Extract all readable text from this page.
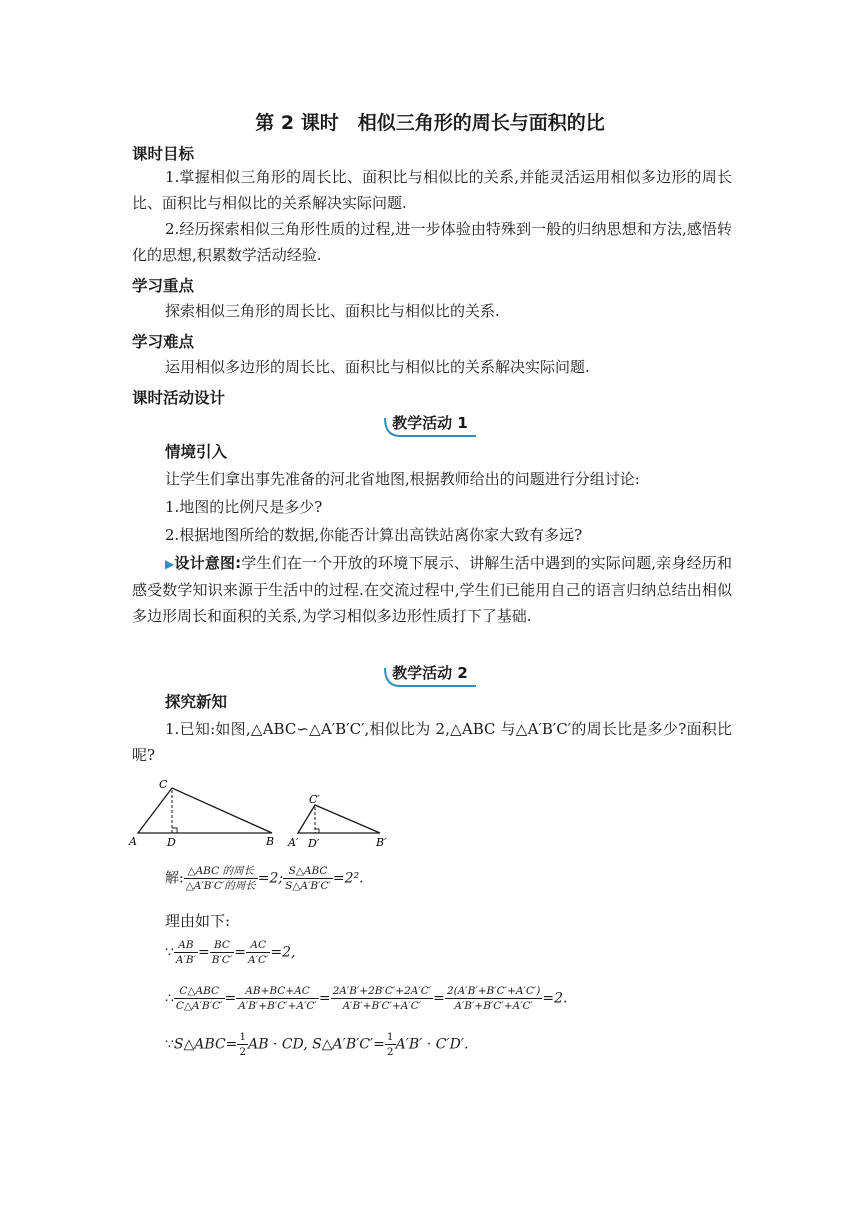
第 2 课时　相似三角形的周长与面积的比
课时目标
1.掌握相似三角形的周长比、面积比与相似比的关系,并能灵活运用相似多边形的周长比、面积比与相似比的关系解决实际问题.
2.经历探索相似三角形性质的过程,进一步体验由特殊到一般的归纳思想和方法,感悟转化的思想,积累数学活动经验.
学习重点
探索相似三角形的周长比、面积比与相似比的关系.
学习难点
运用相似多边形的周长比、面积比与相似比的关系解决实际问题.
课时活动设计
教学活动 1
情境引入
让学生们拿出事先准备的河北省地图,根据教师给出的问题进行分组讨论:
1.地图的比例尺是多少?
2.根据地图所给的数据,你能否计算出高铁站离你家大致有多远?
▶设计意图:学生们在一个开放的环境下展示、讲解生活中遇到的实际问题,亲身经历和感受数学知识来源于生活中的过程.在交流过程中,学生们已能用自己的语言归纳总结出相似多边形周长和面积的关系,为学习相似多边形性质打下了基础.
教学活动 2
探究新知
1.已知:如图,△ABC∽△A′B′C′,相似比为 2,△ABC 与△A′B′C′的周长比是多少?面积比呢?
A
C
D	B A′
C′
D′	B′
解: $\frac{\text{△ABC 的周长}}{\text{△A′B′C′的周长}} =2$; $\frac{\text{S△ABC}}{S\triangle A'B'C'} =2^2$.
理由如下:
∵ $\frac{AB}{A'B'} = \frac{BC}{B'C'} = \frac{AC}{A'C'} =2$,
∴ $\frac{\text{C△ABC}}{C\triangle A'B'C'} = \frac{AB+BC+AC}{A'B'+B'C'+A'C'} = \frac{2A'B'+2B'C'+2A'C'}{A'B'+B'C'+A'C'} = \frac{2(A'B'+B'C'+A'C')}{A'B'+B'C'+A'C'} =2$.
∵S△ABC= $\frac{1}{2}$ AB · CD, S△A′B′C′= $\frac{1}{2} A'B' \cdot C'D'$.
